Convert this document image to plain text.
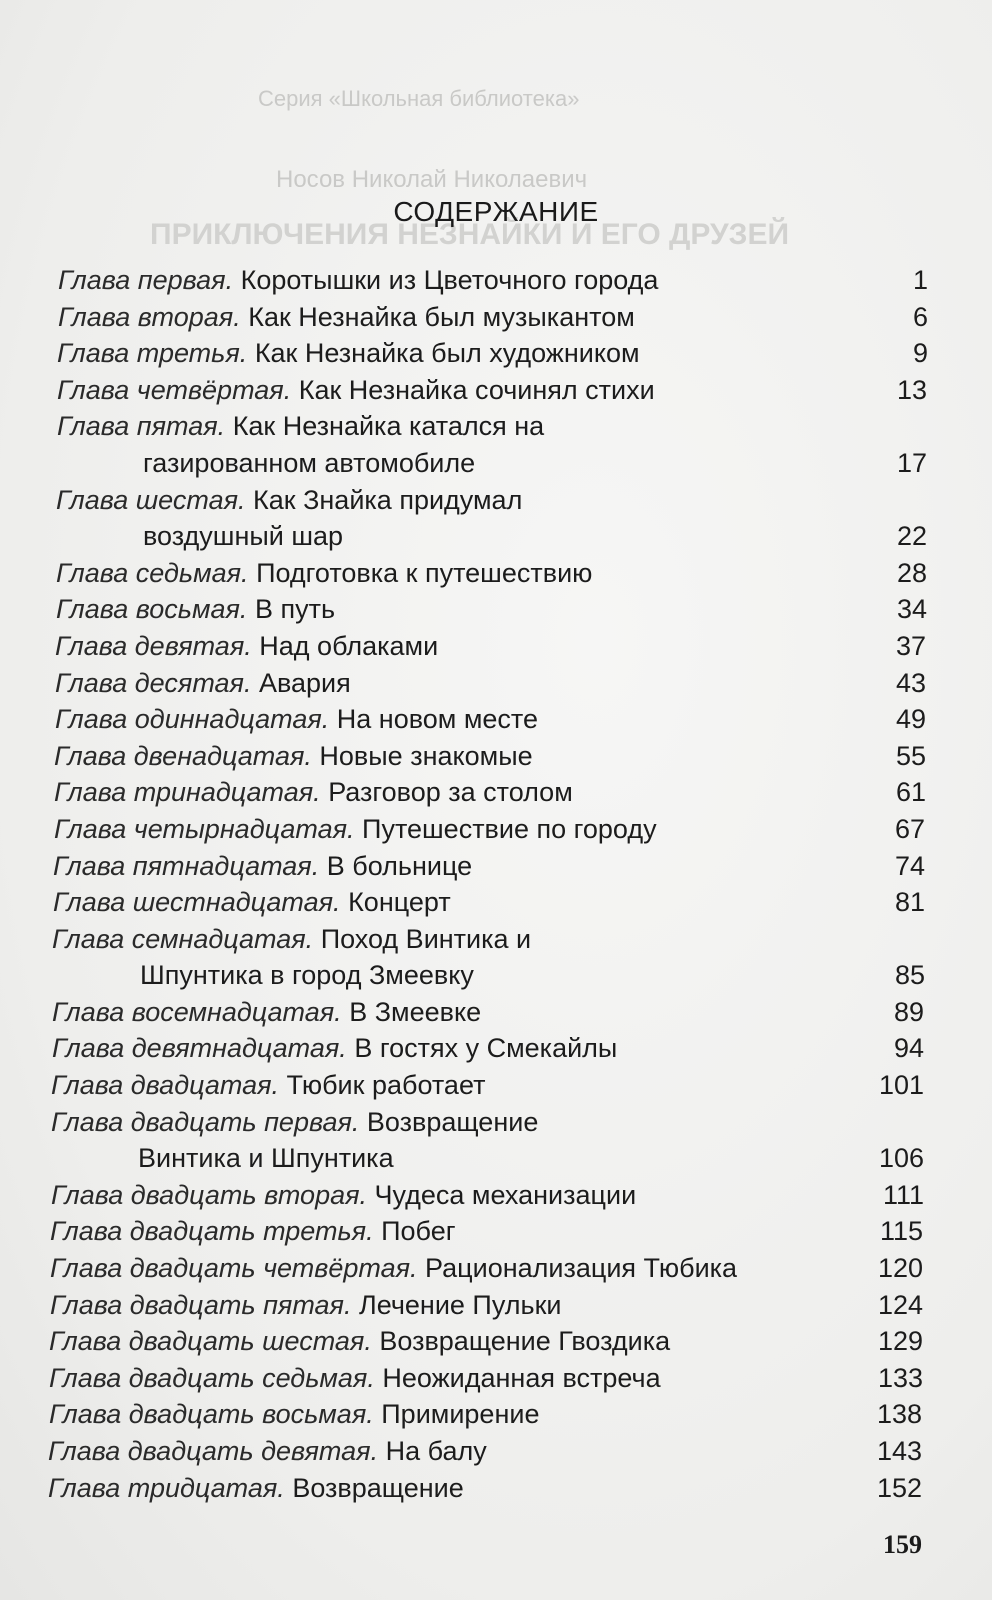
Серия «Школьная библиотека»
Носов Николай Николаевич
ПРИКЛЮЧЕНИЯ НЕЗНАЙКИ И ЕГО ДРУЗЕЙ
СОДЕРЖАНИЕ
Глава первая. Коротышки из Цветочного города	1
Глава вторая. Как Незнайка был музыкантом	6
Глава третья. Как Незнайка был художником	9
Глава четвёртая. Как Незнайка сочинял стихи	13
Глава пятая. Как Незнайка катался на
газированном автомобиле	17
Глава шестая. Как Знайка придумал
воздушный шар	22
Глава седьмая. Подготовка к путешествию	28
Глава восьмая. В путь	34
Глава девятая. Над облаками	37
Глава десятая. Авария	43
Глава одиннадцатая. На новом месте	49
Глава двенадцатая. Новые знакомые	55
Глава тринадцатая. Разговор за столом	61
Глава четырнадцатая. Путешествие по городу	67
Глава пятнадцатая. В больнице	74
Глава шестнадцатая. Концерт	81
Глава семнадцатая. Поход Винтика и
Шпунтика в город Змеевку	85
Глава восемнадцатая. В Змеевке	89
Глава девятнадцатая. В гостях у Смекайлы	94
Глава двадцатая. Тюбик работает	101
Глава двадцать первая. Возвращение
Винтика и Шпунтика	106
Глава двадцать вторая. Чудеса механизации	111
Глава двадцать третья. Побег	115
Глава двадцать четвёртая. Рационализация Тюбика	120
Глава двадцать пятая. Лечение Пульки	124
Глава двадцать шестая. Возвращение Гвоздика	129
Глава двадцать седьмая. Неожиданная встреча	133
Глава двадцать восьмая. Примирение	138
Глава двадцать девятая. На балу	143
Глава тридцатая. Возвращение	152
159
